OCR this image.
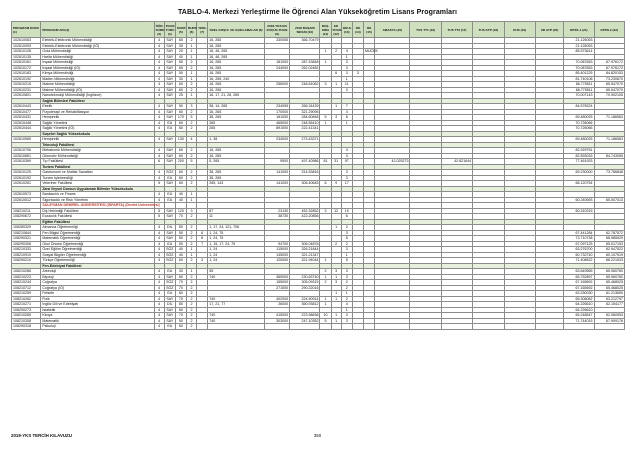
TABLO-4. Merkezi Yerleştirme İle Öğrenci Alan Yükseköğretim Lisans Programları
PROGRAM KODU (1)	PROGRAM ADI (2)	ÖĞR. SÜRE (3)	PUAN TÜRÜ (4)	KONT. (5)	BURS (6)	YERL. (7)	ÖZEL KOŞUL VE AÇIKLAMALAR (8)	2018-YKS EN KÜÇÜK PUAN (9)	2018 BAŞARI SIRASI (10)	BAŞ. SIRA (11)	EK PUAN (12)	OKUL (13)	ÖK (14)	ÖK (15)	AMASYA (16)	TUS TT1 (16)	TUS TT2 (17)	TUS KTP (18)	DUS (19)	AB AYP (20)	KPSS-1 (21)	KPSS-2 (22)
102610083	Elektrik-Elektronik Mühendisliği	4	SAY	65	2		16, 265	330055	366.70479												21.126053	
102610093	Elektrik-Elektronik Mühendisliği (İÖ)	4	SAY	35	1		16, 265														21.126053	
102610126	Gıda Mühendisliği	4	SAY	20	1		16, 46, 265			1	2	4		MUCEK							85.573614	
102610135	Harita Mühendisliği	4	SAY	40	1		16, 46, 265					1										
102610161	İnşaat Mühendisliği	4	SAY	65	2		16, 265	181000	287.43848	1		3									70.087653	67.976172
102610172	İnşaat Mühendisliği (İÖ)	4	SAY	65	2		16, 265	244000	262.02482			3									70.087653	67.976172
102610183	Kimya Mühendisliği	4	SAY	50	1		16, 265				6	3	3								85.401225	84.820153
102610192	Maden Mühendisliği	4	SAY	30	1		16, 265, 240					1									81.740106	73.230670
102610215	Makine Mühendisliği	4	SAY	60	2		16, 265	256000	248.81062	3	1	11									66.775511	65.547070
102610231	Makine Mühendisliği (İÖ)	4	SAY	60	2		16, 265					3									66.775511	65.547070
102610801	Nanoteknoloji Mühendisliği (İngilizce)	4	SAY	25	1		16, 17, 21, 28, 265														70.007143	70.902105
	Sağlık Bilimleri Fakültesi																					
102610443	Ebelik	4	SAY	50	3		38, 14, 265	234055	266.34439		1	7									84.578324	
102610477	Fizyoterapi ve Rehabilitasyon	4	SAY	60	2		16, 265	170000	321.29095			4										
102610431	Hemşirelik	4	SAY	170	5		38, 265	181000	284.60848	5	3	8									69.480025	71.186563
102610448	Sağlık Yönetimi	4	EA	60	2		265	465000	248.55410	1		1									70.726066	
102610444	Sağlık Yönetimi (İÖ)	4	EA	60	2		265	891000	222.41341												70.726066	
	Suşehri Sağlık Yüksekokulu																					
102610589	Hemşirelik	4	SAY	130	4		1, 38	234000	273.43371												69.480025	71.186563
	Teknoloji Fakültesi																					
102610706	Mekatronik Mühendisliği	4	SAY	60	2		16, 265					4									82.929751	
102610861	Otomotiv Mühendisliği	4	SAY	60	2		16, 265					3									82.593033	84.743055
102610369	Tıp Fakültesi	6	SAY	200	5		5, 265	9500	497.40986	81	31	97			42.025273		42.821644				77.461933	
	Turizm Fakültesi																					
102610125	Gastronomi ve Mutfak Sanatları	4	SÖZ	60	2		38, 265	141000	314.53816			3									69.230000	73.766848
102610192	Turizm İşletmeciliği	4	EA	60	2		38, 265					3										
102610281	Veteriner Fakültesi	5	SAY	60	2		265, 143	141000	306.40645	6	9	17									66.120754	
	Zara Veysel Dursun Uygulamalı Bilimler Yüksekokulu																					
102610573	Bankacılık ve Finans	4	EA	40	1																	
102610512	Sigortacılık ve Risk Yönetimi	4	EA	40	1																60.240693	65.507013
	SÜLEYMAN DEMİREL ÜNİVERSİTESİ (ISPARTA) (Devlet Üniversitesi)																					
108210211	Diş Hekimliği Fakültesi	5	SAY	120	3		87	23130	452.32852	3	12	19									60.310315	
108290672	Eczacılık Fakültesi	5	SAY	70	2		11	38730	422.20856			6										
	Eğitim Fakültesi																					
108280329	Almanca Öğretmenliği	4	DİL	50	2		1, 17, 24, 121, 706				1	2										
108210844	Fen Bilgisi Öğretmenliği	4	SAY	50	2	6	1, 24, 75					3									67.441284	62.787572
108290321	Matematik Öğretmenliği	4	SAY	50	2	8	1, 24, 75					5									73.710738	68.985529
108290308	Okul Öncesi Öğretmenliği	4	EA	50	2	7	1, 15, 17, 24, 75	94700	306.04876		2	2									67.097125	65.017153
108210333	Özel Eğitim Öğretmenliği	4	SÖZ	40	1		1, 24	115000	326.21844			3									63.276700	62.947522
108210910	Sosyal Bilgiler Öğretmenliği	4	SÖZ	40	1		1, 24	145000	321.21347			1									60.732740	60.107519
108290210	Türkçe Öğretmenliği	4	SÖZ	60	2	3	1, 24	125000	321.94044	1		5									71.408522	68.221533
	Fen-Edebiyat Fakültesi																					
108210286	Arkeoloji	4	EA	30	1		55			2	3	3									63.649565	65.960760
108210223	Biyoloji	4	SAY	60	2		740	369000	230.63740	1	1	3									65.752897	65.960760
108210244	Coğrafya	4	SÖZ	70	2			155000	305.09315	2	3	2									67.165692	65.468025
108210712	Coğrafya (İÖ)	4	SÖZ	70	2			271000	290.22016			2									67.165692	65.468025
108210259	Felsefe	4	EA	60	2						1	1									63.330030	61.213650
108210262	Fizik	4	SAY	70	2		740	402000	224.90914	1	1	2									65.306082	63.212797
108210271	İngiliz Dili ve Edebiyatı	4	DİL	80	2		17, 21, 77	26000	360.93812	1		4									64.226610	62.154177
108290273	İstatistik	4	SAY	60	2							1									64.226610	
108210289	Kimya	4	SAY	70	2		740	415000	223.98636	10	1	3									65.248547	62.060953
108210308	Matematik	4	SAY	50	2		740	303000	247.10352	5	1	3									71.744015	67.909176
108290318	Psikoloji	4	EA	60	2																	
2019-YKS TERCİH KILAVUZU	350
